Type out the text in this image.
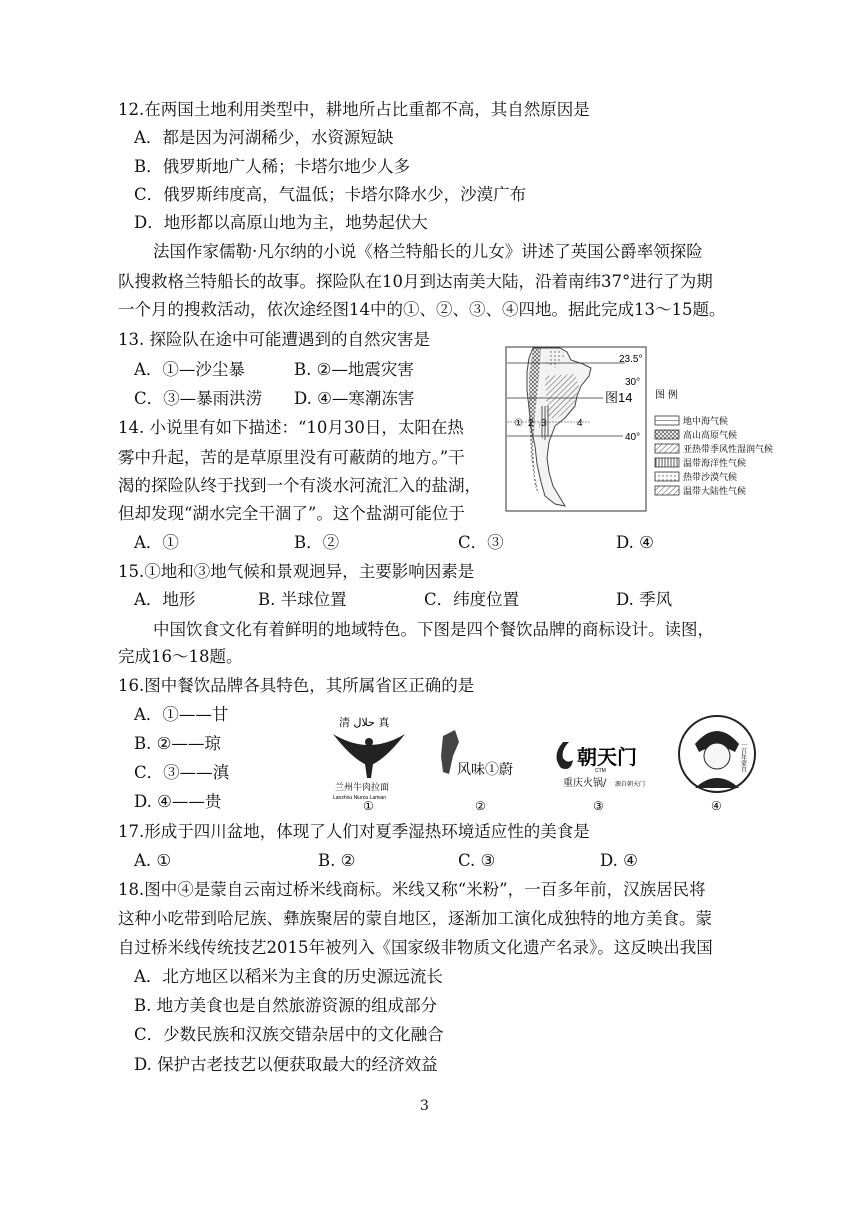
12.在两国土地利用类型中，耕地所占比重都不高，其自然原因是
A．都是因为河湖稀少，水资源短缺
B．俄罗斯地广人稀；卡塔尔地少人多
C．俄罗斯纬度高，气温低；卡塔尔降水少，沙漠广布
D．地形都以高原山地为主，地势起伏大
法国作家儒勒·凡尔纳的小说《格兰特船长的儿女》讲述了英国公爵率领探险
队搜救格兰特船长的故事。探险队在10月到达南美大陆，沿着南纬37°进行了为期
一个月的搜救活动，依次途经图14中的①、②、③、④四地。据此完成13～15题。
13. 探险队在途中可能遭遇到的自然灾害是
A．①—沙尘暴	B. ②—地震灾害
C．③—暴雨洪涝 D. ④—寒潮冻害
14. 小说里有如下描述：“10月30日，太阳在热
雾中升起，苦的是草原里没有可蔽荫的地方。”干
渴的探险队终于找到一个有淡水河流汇入的盐湖，
但却发现“湖水完全干涸了”。这个盐湖可能位于
A．①	B．②	C．③	D. ④
23.5°
30°
40°
图14
① 2 3	4
图 例
地中海气候
高山高原气候
亚热带季风性湿润气候
温带海洋性气候
热带沙漠气候
温带大陆性气候
15.①地和③地气候和景观迥异，主要影响因素是
A．地形	B. 半球位置	C．纬度位置	D. 季风
中国饮食文化有着鲜明的地域特色。下图是四个餐饮品牌的商标设计。读图，
完成16～18题。
16.图中餐饮品牌各具特色，其所属省区正确的是
A．①——甘
B. ②——琼
C．③——滇
D. ④——贵
清 ﺣﻼﻝ 真
兰州牛肉拉面
Lanzhou Niurou Lamian
①
风味①蔚
②
朝天门
CTM
重庆火锅/ 源自朝天门
③
一百年蒙自
④
17.形成于四川盆地，体现了人们对夏季湿热环境适应性的美食是
A. ①	B. ②	C. ③	D. ④
18.图中④是蒙自云南过桥米线商标。米线又称“米粉”，一百多年前，汉族居民将
这种小吃带到哈尼族、彝族聚居的蒙自地区，逐渐加工演化成独特的地方美食。蒙
自过桥米线传统技艺2015年被列入《国家级非物质文化遗产名录》。这反映出我国
A．北方地区以稻米为主食的历史源远流长
B. 地方美食也是自然旅游资源的组成部分
C．少数民族和汉族交错杂居中的文化融合
D. 保护古老技艺以便获取最大的经济效益
3
